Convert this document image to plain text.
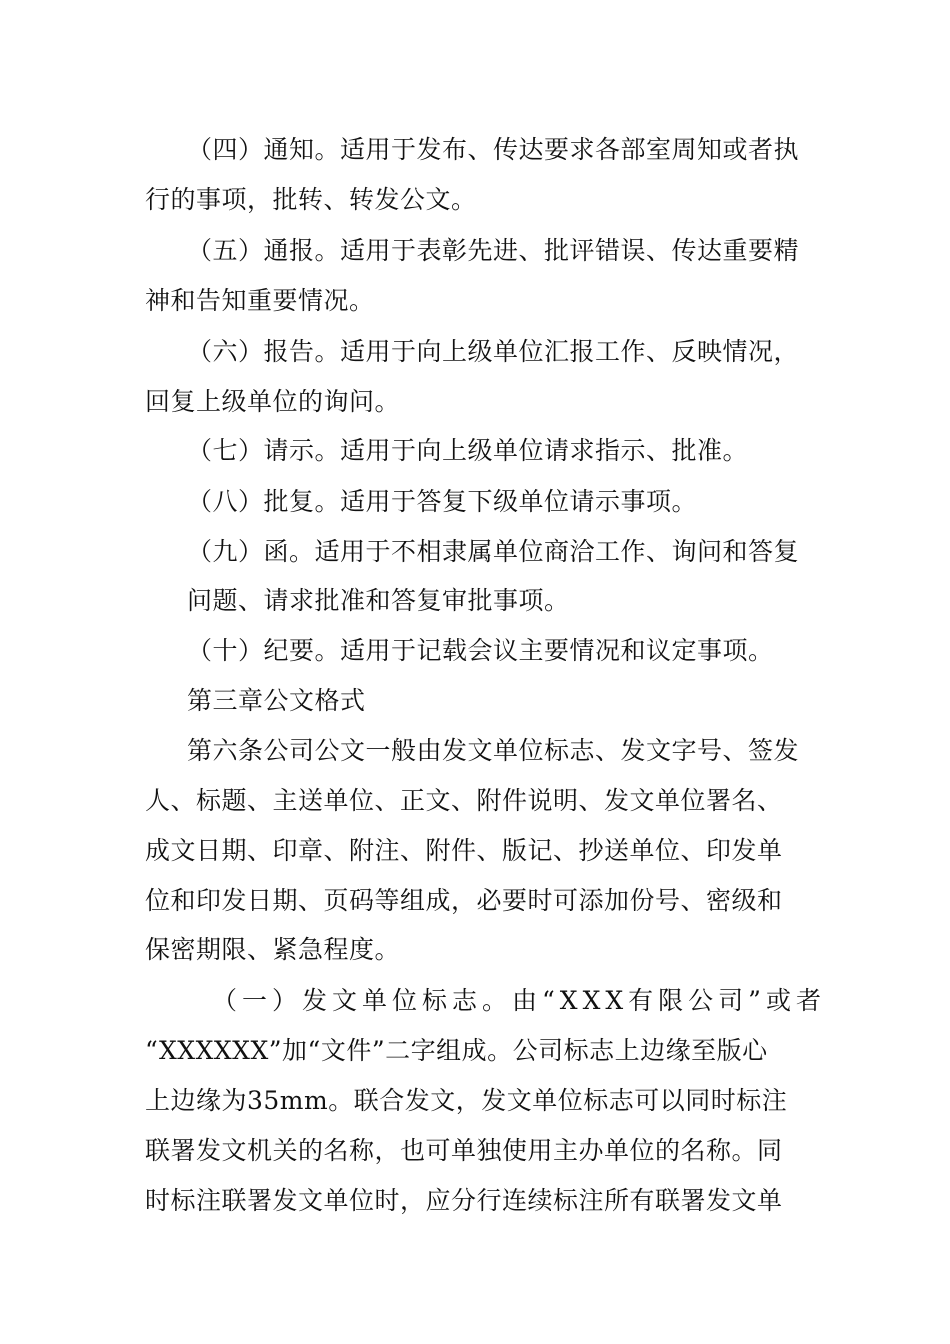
（四）通知。适用于发布、传达要求各部室周知或者执
行的事项，批转、转发公文。
（五）通报。适用于表彰先进、批评错误、传达重要精
神和告知重要情况。
（六）报告。适用于向上级单位汇报工作、反映情况，
回复上级单位的询问。
（七）请示。适用于向上级单位请求指示、批准。
（八）批复。适用于答复下级单位请示事项。
（九）函。适用于不相隶属单位商洽工作、询问和答复
问题、请求批准和答复审批事项。
（十）纪要。适用于记载会议主要情况和议定事项。
第三章公文格式
第六条公司公文一般由发文单位标志、发文字号、签发
人、标题、主送单位、正文、附件说明、发文单位署名、
成文日期、印章、附注、附件、版记、抄送单位、印发单
位和印发日期、页码等组成，必要时可添加份号、密级和
保密期限、紧急程度。
（一）发文单位标志。由“XXX有限公司”或者
“XXXXXX”加“文件”二字组成。公司标志上边缘至版心
上边缘为35mm。联合发文，发文单位标志可以同时标注
联署发文机关的名称，也可单独使用主办单位的名称。同
时标注联署发文单位时，应分行连续标注所有联署发文单
